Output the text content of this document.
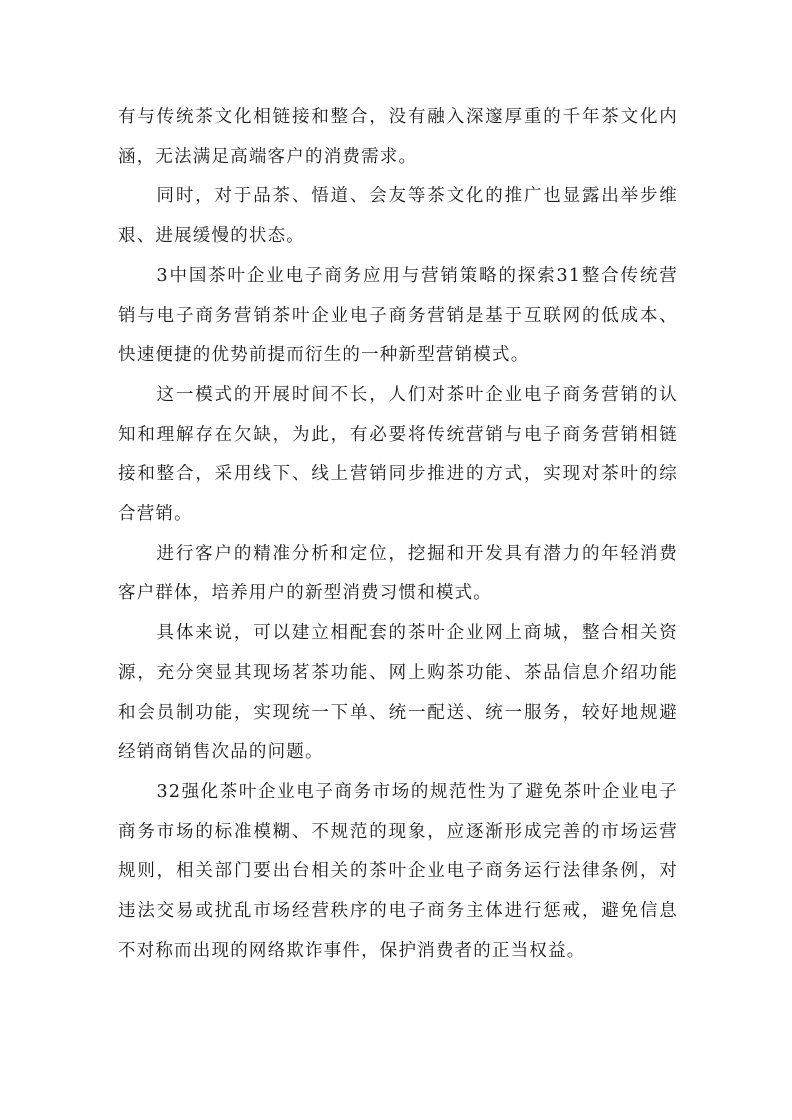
有与传统茶文化相链接和整合，没有融入深邃厚重的千年茶文化内涵，无法满足高端客户的消费需求。

同时，对于品茶、悟道、会友等茶文化的推广也显露出举步维艰、进展缓慢的状态。

3中国茶叶企业电子商务应用与营销策略的探索31整合传统营销与电子商务营销茶叶企业电子商务营销是基于互联网的低成本、快速便捷的优势前提而衍生的一种新型营销模式。

这一模式的开展时间不长，人们对茶叶企业电子商务营销的认知和理解存在欠缺，为此，有必要将传统营销与电子商务营销相链接和整合，采用线下、线上营销同步推进的方式，实现对茶叶的综合营销。

进行客户的精准分析和定位，挖掘和开发具有潜力的年轻消费客户群体，培养用户的新型消费习惯和模式。

具体来说，可以建立相配套的茶叶企业网上商城，整合相关资源，充分突显其现场茗茶功能、网上购茶功能、茶品信息介绍功能和会员制功能，实现统一下单、统一配送、统一服务，较好地规避经销商销售次品的问题。

32强化茶叶企业电子商务市场的规范性为了避免茶叶企业电子商务市场的标准模糊、不规范的现象，应逐渐形成完善的市场运营规则，相关部门要出台相关的茶叶企业电子商务运行法律条例，对违法交易或扰乱市场经营秩序的电子商务主体进行惩戒，避免信息不对称而出现的网络欺诈事件，保护消费者的正当权益。
